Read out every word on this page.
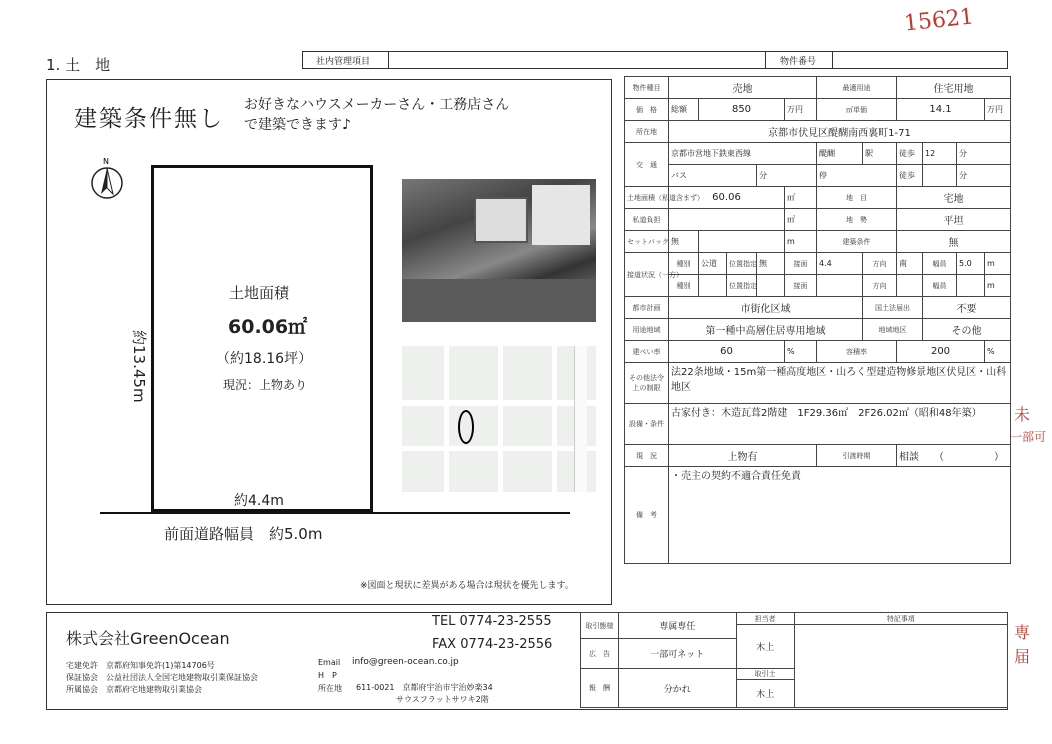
15621
1. 土　地	社内管理項目	物件番号
建築条件無し
お好きなハウスメーカーさん・工務店さん
で建築できます♪
N
土地面積
60.06㎡
（約18.16坪）
現況：上物あり
約13.45m
約4.4m
前面道路幅員　約5.0m
※図面と現状に差異がある場合は現状を優先します。
物件種目	売地					最適用途		住宅用地			
価　格	総額	850			万円	㎡単価		14.1			万円
所在地	京都市伏見区醍醐南西裏町1-71										
交　通	京都市営地下鉄東西線					醍醐	駅	徒歩	12	分	
	バス			分		停		徒歩		分	
土地面積（私道含まず）	60.06				㎡	地　目		宅地			
私道負担					㎡	地　勢		平坦			
セットバック	無				m	建築条件		無			
接道状況（一方）	種別	公道	位置指定	無	接面	4.4	方向	南	幅員	5.0	m
	種別		位置指定		接面		方向		幅員		m
都市計画	市街化区域						国土法届出		不要		
用途地域	第一種中高層住居専用地域						地域地区		その他		
建ぺい率	60				%	容積率		200			%
その他法令上の制限	法22条地域・15m第一種高度地区・山ろく型建造物修景地区伏見区・山科地区										
設備・条件	古家付き：木造瓦葺2階建　1F29.36㎡　2F26.02㎡（昭和48年築）										
現　況	上物有					引渡時期		相談　　（　　　　　）			
備　考	・売主の契約不適合責任免責										
未
一部可
専
届
株式会社GreenOcean
TEL 0774-23-2555
FAX 0774-23-2556
宅建免許　京都府知事免許(1)第14706号
保証協会　公益社団法人全国宅地建物取引業保証協会
所属協会　京都府宅地建物取引業協会
Email info@green-ocean.co.jp
H　P
所在地 611-0021　京都府宇治市宇治妙楽34
サウスフラットサワキ2階
取引態様	専属専任	担当者	特記事項
		木上	
広　告	一部可ネット		
報　酬	分かれ	取引士	
		木上	
